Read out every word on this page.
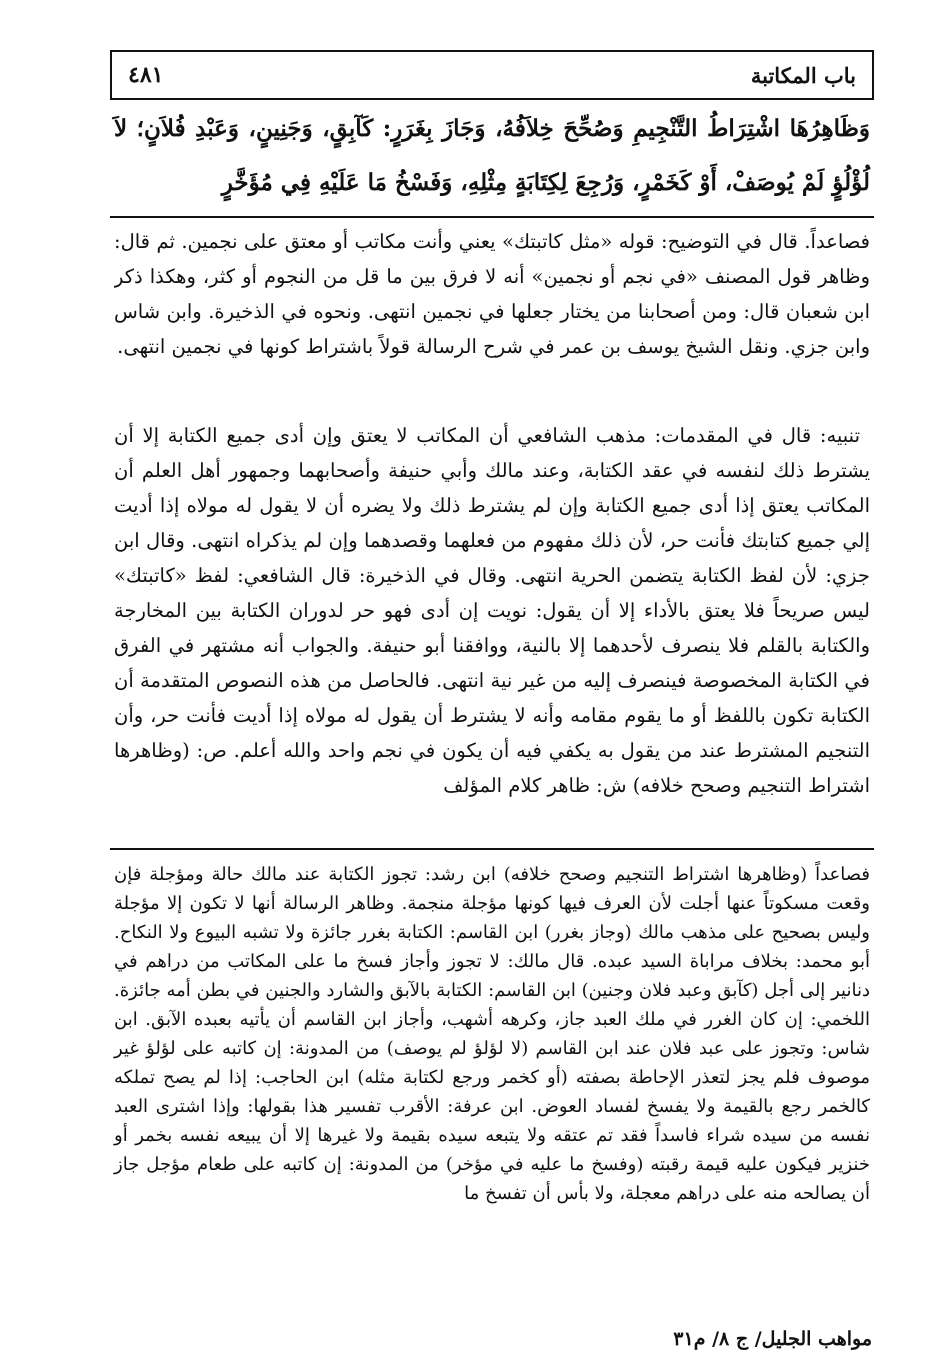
٤٨١	باب المكاتبة
وَظَاهِرُهَا اشْتِرَاطُ التَّنْجِيمِ وَصُحِّحَ خِلاَفُهُ، وَجَازَ بِغَرَرٍ: كَآبِقٍ، وَجَنِينٍ، وَعَبْدِ فُلاَنٍ؛ لاَ لُؤْلُؤٍ لَمْ يُوصَفْ، أَوْ كَخَمْرٍ، وَرُجِعَ لِكِتَابَةٍ مِثْلِهِ، وَفَسْخُ مَا عَلَيْهِ فِي مُؤَخَّرٍ

فصاعداً. قال في التوضيح: قوله «مثل كاتبتك» يعني وأنت مكاتب أو معتق على نجمين. ثم قال: وظاهر قول المصنف «في نجم أو نجمين» أنه لا فرق بين ما قل من النجوم أو كثر، وهكذا ذكر ابن شعبان قال: ومن أصحابنا من يختار جعلها في نجمين انتهى. ونحوه في الذخيرة. وابن شاس وابن جزي. ونقل الشيخ يوسف بن عمر في شرح الرسالة قولاً باشتراط كونها في نجمين انتهى.

تنبيه: قال في المقدمات: مذهب الشافعي أن المكاتب لا يعتق وإن أدى جميع الكتابة إلا أن يشترط ذلك لنفسه في عقد الكتابة، وعند مالك وأبي حنيفة وأصحابهما وجمهور أهل العلم أن المكاتب يعتق إذا أدى جميع الكتابة وإن لم يشترط ذلك ولا يضره أن لا يقول له مولاه إذا أديت إلي جميع كتابتك فأنت حر، لأن ذلك مفهوم من فعلهما وقصدهما وإن لم يذكراه انتهى. وقال ابن جزي: لأن لفظ الكتابة يتضمن الحرية انتهى. وقال في الذخيرة: قال الشافعي: لفظ «كاتبتك» ليس صريحاً فلا يعتق بالأداء إلا أن يقول: نويت إن أدى فهو حر لدوران الكتابة بين المخارجة والكتابة بالقلم فلا ينصرف لأحدهما إلا بالنية، ووافقنا أبو حنيفة. والجواب أنه مشتهر في الفرق في الكتابة المخصوصة فينصرف إليه من غير نية انتهى. فالحاصل من هذه النصوص المتقدمة أن الكتابة تكون باللفظ أو ما يقوم مقامه وأنه لا يشترط أن يقول له مولاه إذا أديت فأنت حر، وأن التنجيم المشترط عند من يقول به يكفي فيه أن يكون في نجم واحد والله أعلم. ص: (وظاهرها اشتراط التنجيم وصحح خلافه) ش: ظاهر كلام المؤلف

فصاعداً (وظاهرها اشتراط التنجيم وصحح خلافه) ابن رشد: تجوز الكتابة عند مالك حالة ومؤجلة فإن وقعت مسكوتاً عنها أجلت لأن العرف فيها كونها مؤجلة منجمة. وظاهر الرسالة أنها لا تكون إلا مؤجلة وليس بصحيح على مذهب مالك (وجاز بغرر) ابن القاسم: الكتابة بغرر جائزة ولا تشبه البيوع ولا النكاح. أبو محمد: بخلاف مراباة السيد عبده. قال مالك: لا تجوز وأجاز فسخ ما على المكاتب من دراهم في دنانير إلى أجل (كآبق وعبد فلان وجنين) ابن القاسم: الكتابة بالآبق والشارد والجنين في بطن أمه جائزة. اللخمي: إن كان الغرر في ملك العبد جاز، وكرهه أشهب، وأجاز ابن القاسم أن يأتيه بعبده الآبق. ابن شاس: وتجوز على عبد فلان عند ابن القاسم (لا لؤلؤ لم يوصف) من المدونة: إن كاتبه على لؤلؤ غير موصوف فلم يجز لتعذر الإحاطة بصفته (أو كخمر ورجع لكتابة مثله) ابن الحاجب: إذا لم يصح تملكه كالخمر رجع بالقيمة ولا يفسخ لفساد العوض. ابن عرفة: الأقرب تفسير هذا بقولها: وإذا اشترى العبد نفسه من سيده شراء فاسداً فقد تم عتقه ولا يتبعه سيده بقيمة ولا غيرها إلا أن يبيعه نفسه بخمر أو خنزير فيكون عليه قيمة رقبته (وفسخ ما عليه في مؤخر) من المدونة: إن كاتبه على طعام مؤجل جاز أن يصالحه منه على دراهم معجلة، ولا بأس أن تفسخ ما
مواهب الجليل/ ج ٨/ م٣١
